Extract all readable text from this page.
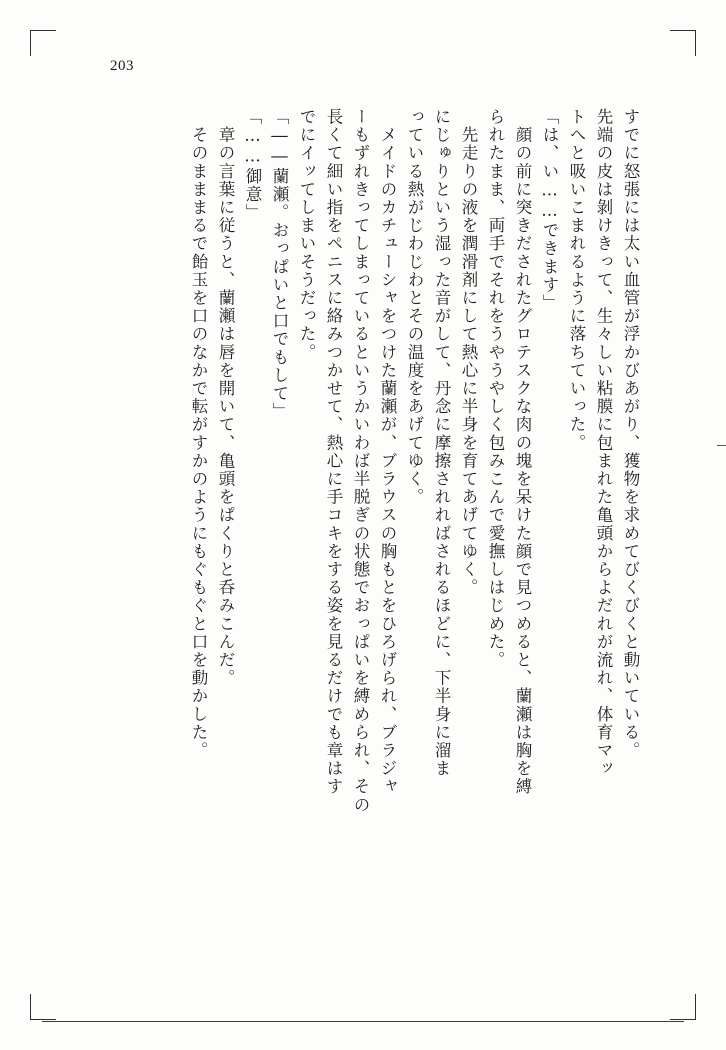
203
すでに怒張には太い血管が浮かびあがり、獲物を求めてびくびくと動いている。
先端の皮は剝けきって、生々しい粘膜に包まれた亀頭からよだれが流れ、体育マッ
トへと吸いこまれるように落ちていった。
「は、い……できます」
　顔の前に突きだされたグロテスクな肉の塊を呆けた顔で見つめると、蘭瀬は胸を縛
られたまま、両手でそれをうやうやしく包みこんで愛撫しはじめた。
　先走りの液を潤滑剤にして熱心に半身を育てあげてゆく。
にじゅりという湿った音がして、丹念に摩擦されればされるほどに、下半身に溜ま
っている熱がじわじわとその温度をあげてゆく。
　メイドのカチューシャをつけた蘭瀬が、ブラウスの胸もとをひろげられ、ブラジャ
ーもずれきってしまっているというかいわば半脱ぎの状態でおっぱいを縛められ、その
長くて細い指をペニスに絡みつかせて、熱心に手コキをする姿を見るだけでも章はす
でにイッてしまいそうだった。
「――蘭瀬。おっぱいと口でもして」
「……御意」
　章の言葉に従うと、蘭瀬は唇を開いて、亀頭をぱくりと呑みこんだ。
　そのまままるで飴玉を口のなかで転がすかのようにもぐもぐと口を動かした。
